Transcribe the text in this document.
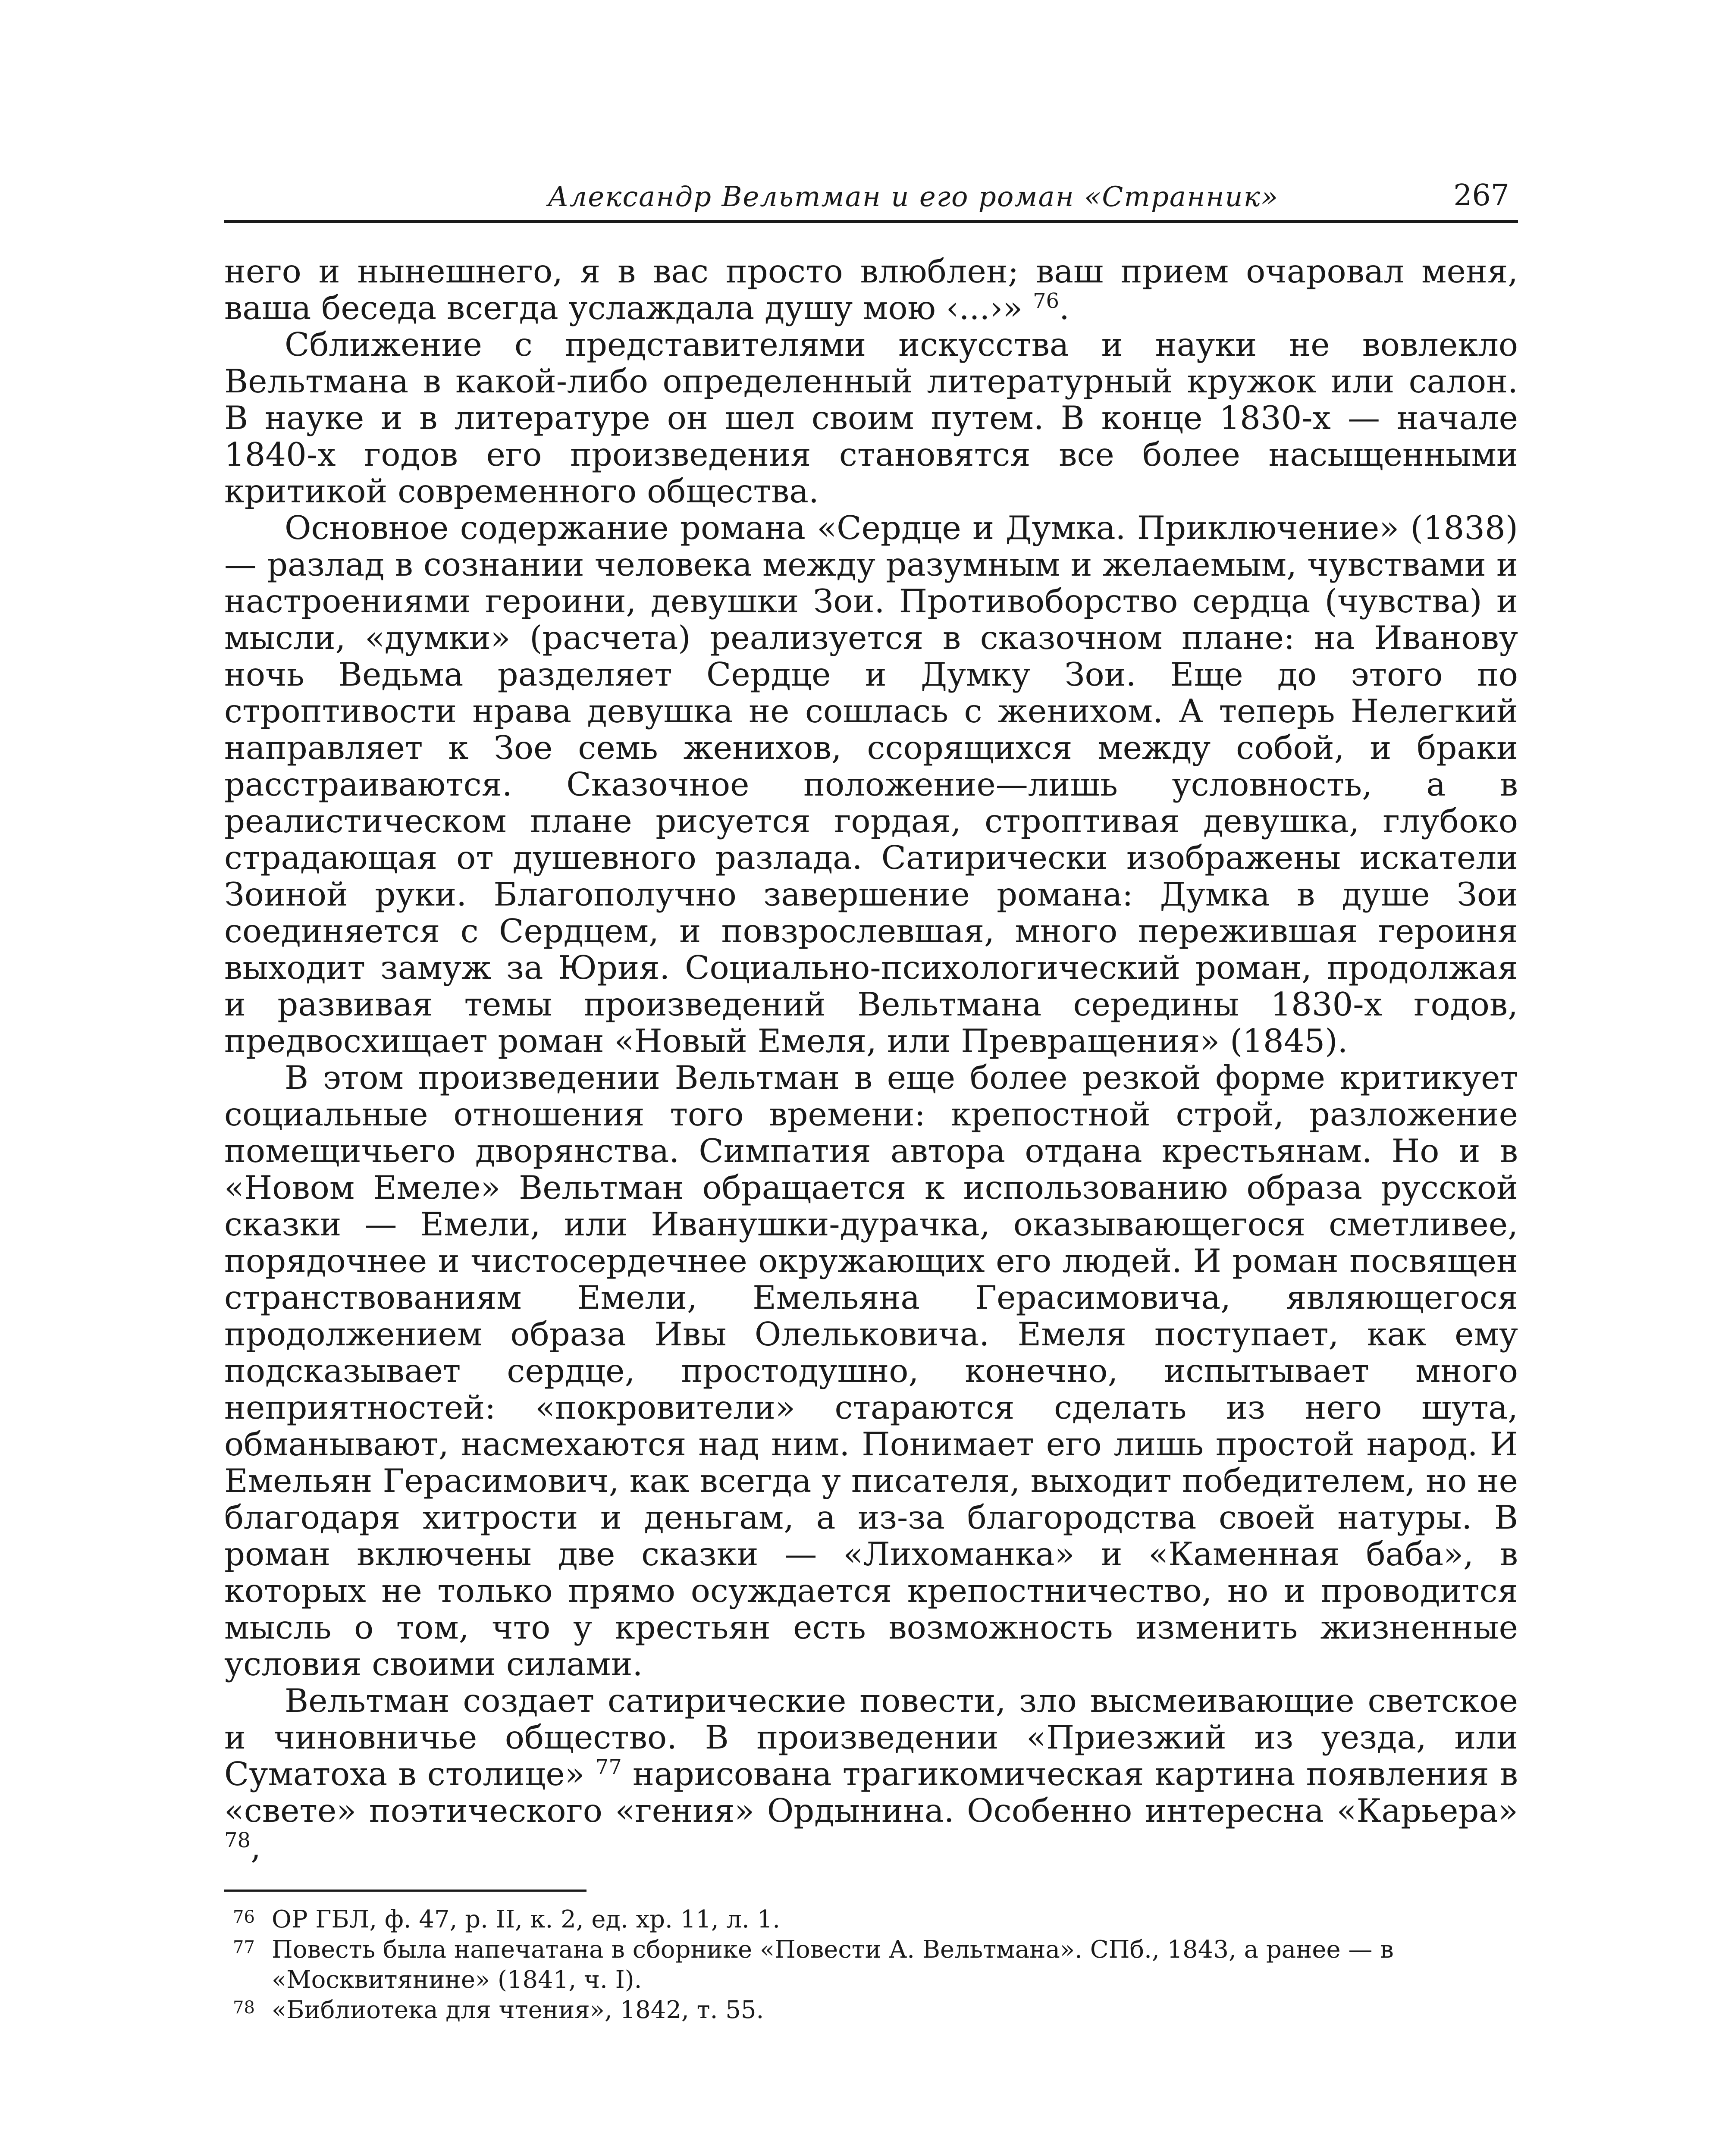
Александр Вельтман и его роман «Странник»	267

него и нынешнего, я в вас просто влюблен; ваш прием очаровал меня, ваша беседа всегда услаждала душу мою ‹...›» $^{76}$.

Сближение с представителями искусства и науки не вовлекло Вельтмана в какой-либо определенный литературный кружок или салон. В науке и в литературе он шел своим путем. В конце 1830-х — начале 1840-х годов его произведения становятся все более насыщенными критикой современного общества.

Основное содержание романа «Сердце и Думка. Приключение» (1838) — разлад в сознании человека между разумным и желаемым, чувствами и настроениями героини, девушки Зои. Противоборство сердца (чувства) и мысли, «думки» (расчета) реализуется в сказочном плане: на Иванову ночь Ведьма разделяет Сердце и Думку Зои. Еще до этого по строптивости нрава девушка не сошлась с женихом. А теперь Нелегкий направляет к Зое семь женихов, ссорящихся между собой, и браки расстраиваются. Сказочное положение—лишь условность, а в реалистическом плане рисуется гордая, строптивая девушка, глубоко страдающая от душевного разлада. Сатирически изображены искатели Зоиной руки. Благополучно завершение романа: Думка в душе Зои соединяется с Сердцем, и повзрослевшая, много пережившая героиня выходит замуж за Юрия. Социально-психологический роман, продолжая и развивая темы произведений Вельтмана середины 1830-х годов, предвосхищает роман «Новый Емеля, или Превращения» (1845).

В этом произведении Вельтман в еще более резкой форме критикует социальные отношения того времени: крепостной строй, разложение помещичьего дворянства. Симпатия автора отдана крестьянам. Но и в «Новом Емеле» Вельтман обращается к использованию образа русской сказки — Емели, или Иванушки-дурачка, оказывающегося сметливее, порядочнее и чистосердечнее окружающих его людей. И роман посвящен странствованиям Емели, Емельяна Герасимовича, являющегося продолжением образа Ивы Олельковича. Емеля поступает, как ему подсказывает сердце, простодушно, конечно, испытывает много неприятностей: «покровители» стараются сделать из него шута, обманывают, насмехаются над ним. Понимает его лишь простой народ. И Емельян Герасимович, как всегда у писателя, выходит победителем, но не благодаря хитрости и деньгам, а из-за благородства своей натуры. В роман включены две сказки — «Лихоманка» и «Каменная баба», в которых не только прямо осуждается крепостничество, но и проводится мысль о том, что у крестьян есть возможность изменить жизненные условия своими силами.

Вельтман создает сатирические повести, зло высмеивающие светское и чиновничье общество. В произведении «Приезжий из уезда, или Суматоха в столице» $^{77}$ нарисована трагикомическая картина появления в «свете» поэтического «гения» Ордынина. Особенно интересна «Карьера» $^{78}$,

76 ОР ГБЛ, ф. 47, р. II, к. 2, ед. хр. 11, л. 1.
77 Повесть была напечатана в сборнике «Повести А. Вельтмана». СПб., 1843, а ранее — в «Москвитянине» (1841, ч. I).
78 «Библиотека для чтения», 1842, т. 55.
